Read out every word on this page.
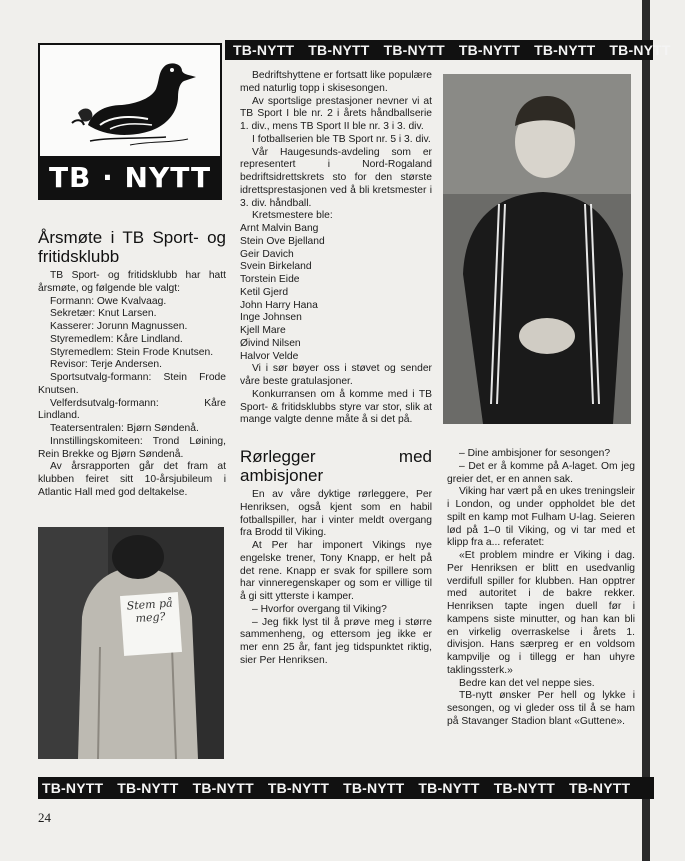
TB-NYTT TB-NYTT TB-NYTT TB-NYTT TB-NYTT TB-NYTT
TB · NYTT
Årsmøte i TB Sport- og fritidsklubb

TB Sport- og fritidsklubb har hatt årsmøte, og følgende ble valgt:

Formann: Owe Kvalvaag.

Sekretær: Knut Larsen.

Kasserer: Jorunn Magnussen.

Styremedlem: Kåre Lindland.

Styremedlem: Stein Frode Knutsen.

Revisor: Terje Andersen.

Sportsutvalg-formann: Stein Frode Knutsen.

Velferdsutvalg-formann: Kåre Lindland.

Teatersentralen: Bjørn Søndenå.

Innstillingskomiteen: Trond Løining, Rein Brekke og Bjørn Søndenå.

Av årsrapporten går det fram at klubben feiret sitt 10-årsjubileum i Atlantic Hall med god deltakelse.

Stem på meg?

Bedriftshyttene er fortsatt like populære med naturlig topp i skisesongen.

Av sportslige prestasjoner nevner vi at TB Sport I ble nr. 2 i årets håndballserie 1. div., mens TB Sport II ble nr. 3 i 3. div.

I fotballserien ble TB Sport nr. 5 i 3. div.

Vår Haugesunds-avdeling som er representert i Nord-Rogaland bedriftsidrettskrets sto for den største idrettsprestasjonen ved å bli kretsmester i 3. div. håndball.

Kretsmestere ble:

Arnt Malvin Bang

Stein Ove Bjelland

Geir Davich

Svein Birkeland

Torstein Eide

Ketil Gjerd

John Harry Hana

Inge Johnsen

Kjell Mare

Øivind Nilsen

Halvor Velde

Vi i sør bøyer oss i støvet og sender våre beste gratulasjoner.

Konkurransen om å komme med i TB Sport- & fritidsklubbs styre var stor, slik at mange valgte denne måte å si det på.

Rørlegger med ambisjoner

En av våre dyktige rørleggere, Per Henriksen, også kjent som en habil fotballspiller, har i vinter meldt overgang fra Brodd til Viking.

At Per har imponert Vikings nye engelske trener, Tony Knapp, er helt på det rene. Knapp er svak for spillere som har vinneregenskaper og som er villige til å gi sitt ytterste i kamper.

– Hvorfor overgang til Viking?

– Jeg fikk lyst til å prøve meg i større sammenheng, og ettersom jeg ikke er mer enn 25 år, fant jeg tidspunktet riktig, sier Per Henriksen.

– Dine ambisjoner for sesongen?

– Det er å komme på A-laget. Om jeg greier det, er en annen sak.

Viking har vært på en ukes treningsleir i London, og under oppholdet ble det spilt en kamp mot Fulham U-lag. Seieren lød på 1–0 til Viking, og vi tar med et klipp fra a... referatet:

«Et problem mindre er Viking i dag. Per Henriksen er blitt en usedvanlig verdifull spiller for klubben. Han opptrer med autoritet i de bakre rekker. Henriksen tapte ingen duell før i kampens siste minutter, og han kan bli en virkelig overraskelse i årets 1. divisjon. Hans særpreg er en voldsom kampvilje og i tillegg er han uhyre taklingssterk.»

Bedre kan det vel neppe sies.

TB-nytt ønsker Per hell og lykke i sesongen, og vi gleder oss til å se ham på Stavanger Stadion blant «Guttene».

TB-NYTT TB-NYTT TB-NYTT TB-NYTT TB-NYTT TB-NYTT TB-NYTT TB-NYTT
24
